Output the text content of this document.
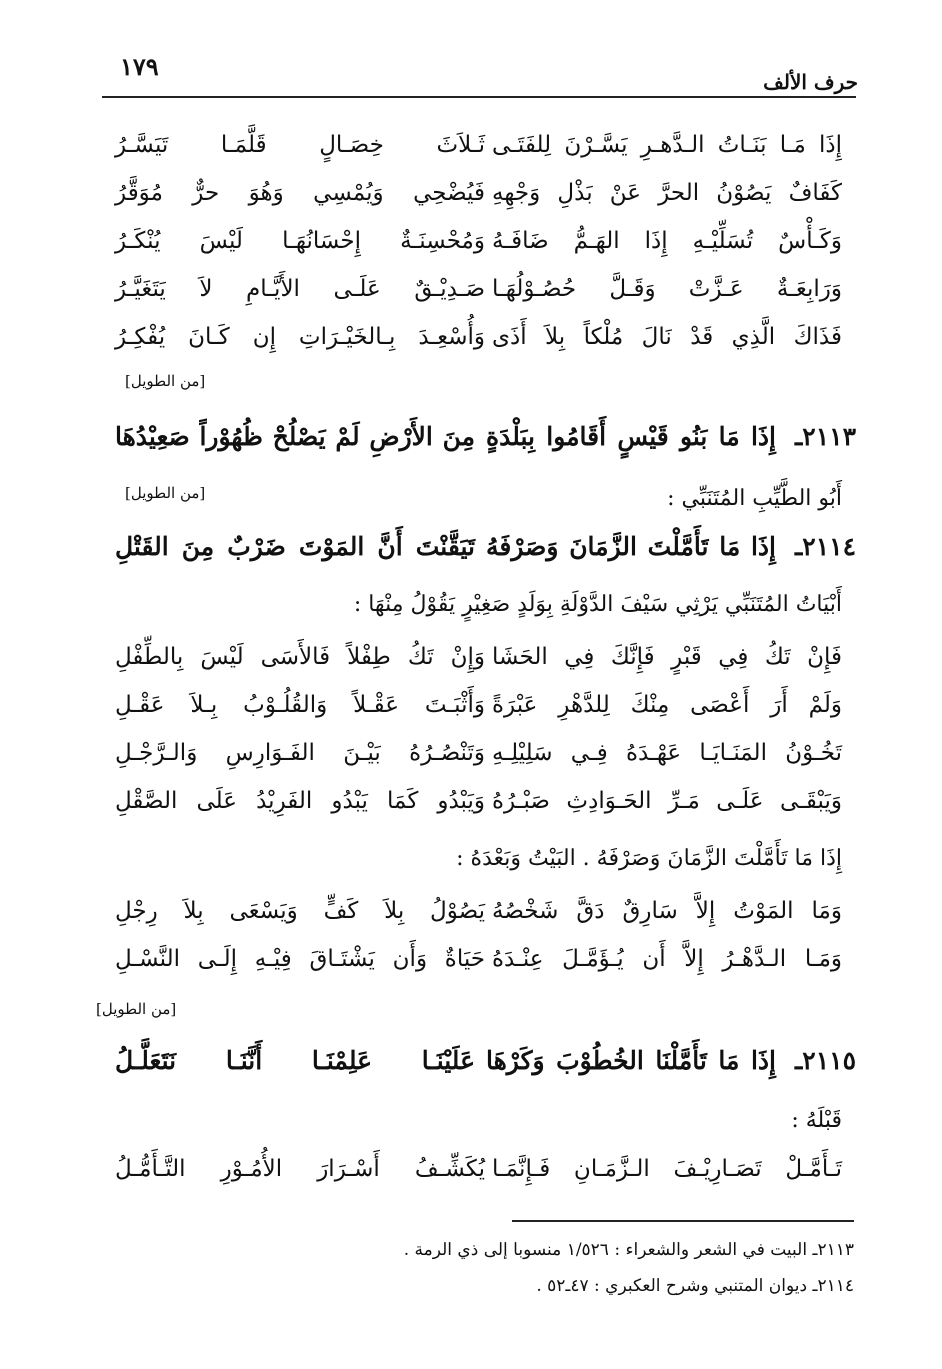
حرف الألف
١٧٩
إِذَا مَـا بَنَـاتُ الـدَّهـرِ يَسَّـرْنَ لِلفَتَـى
ثَـلاَثَ خِصَـالٍ قَلَّمَـا تَيَسَّـرُ
كَفَافٌ يَصُوْنُ الحرَّ عَنْ بَذْلِ وَجْهِهِ
فَيُضْحِي وَيُمْسِي وَهُوَ حرٌّ مُوَقَّرُ
وَكَـأْسٌ تُسَلِّيْـهِ إِذَا الهَـمُّ ضَافَـهُ
وَمُحْسِنَـةٌ إِحْسَانُهَـا لَيْسَ يُنْكَـرُ
وَرَابِعَـةٌ عَـزَّتْ وَقَـلَّ حُصُـوْلُهَـا
صَـدِيْـقٌ عَلَـى الأَيَّـامِ لاَ يَتَغَيَّـرُ
فَذَاكَ الَّذِي قَدْ نَالَ مُلْكاً بِلاَ أَذَى
وَأُسْعِـدَ بِـالخَيْـرَاتِ إِن كَـانَ يُفْكِـرُ
[من الطويل]
٢١١٣ـ
إِذَا مَا بَنُو قَيْسٍ أَقَامُوا بِبَلْدَةٍ
مِنَ الأَرْضِ لَمْ يَصْلُحْ ظُهُوْراً صَعِيْدُهَا
[من الطويل]	أَبُو الطَّيِّبِ المُتَنَبِّي :
٢١١٤ـ
إِذَا مَا تَأَمَّلْتَ الزَّمَانَ وَصَرْفَهُ
تَيَقَّنْتَ أَنَّ المَوْتَ ضَرْبٌ مِنَ القَتْلِ
أَبْيَاتُ المُتَنَبِّي يَرْثِي سَيْفَ الدَّوْلَةِ بِوَلَدٍ صَغِيْرٍ يَقُوْلُ مِنْهَا :
فَإِنْ تَكُ فِي قَبْرٍ فَإِنَّكَ فِي الحَشَا
وَإِنْ تَكُ طِفْلاً فَالأَسَى لَيْسَ بِالطِّفْلِ
وَلَمْ أَرَ أَعْصَى مِنْكَ لِلدَّهْرِ عَبْرَةً
وَأَثْبَـتَ عَقْـلاً وَالقُلُـوْبُ بِـلاَ عَقْـلِ
تَخُـوْنُ المَنَـايَـا عَهْـدَهُ فِـي سَلِيْلِـهِ
وَتَنْصُـرُهُ بَيْـنَ الفَـوَارِسِ وَالـرَّجْـلِ
وَيَبْقَـى عَلَـى مَـرِّ الحَـوَادِثِ صَبْـرُهُ
وَيَبْدُو كَمَا يَبْدُو الفَرِيْدُ عَلَى الصَّقْلِ
إِذَا مَا تَأَمَّلْتَ الزَّمَانَ وَصَرْفَهُ . البَيْتُ وَبَعْدَهُ :
وَمَا المَوْتُ إِلاَّ سَارِقٌ دَقَّ شَخْصُهُ
يَصُوْلُ بِلاَ كَفٍّ وَيَسْعَى بِلاَ رِجْلِ
وَمَـا الـدَّهْـرُ إِلاَّ أَن يُـؤَمَّـلَ عِنْـدَهُ
حَيَاةٌ وَأَن يَشْتَـاقَ فِيْـهِ إِلَـى النَّسْـلِ
[من الطويل]
٢١١٥ـ
إِذَا مَا تَأَمَّلْنَا الخُطُوْبَ وَكَرْهَا
عَلَيْنَـا عَلِمْنَـا أَنَّنَـا نَتَعَلَّـلُ
قَبْلَهُ :
تَـأَمَّـلْ تَصَـارِيْـفَ الـزَّمَـانِ فَـإِنَّمَـا
يُكَشِّـفُ أَسْـرَارَ الأُمُـوْرِ التَّـأَمُّـلُ
٢١١٣ـ البيت في الشعر والشعراء : ١/٥٢٦ منسوبا إلى ذي الرمة .
٢١١٤ـ ديوان المتنبي وشرح العكبري : ٤٧ـ٥٢ .
